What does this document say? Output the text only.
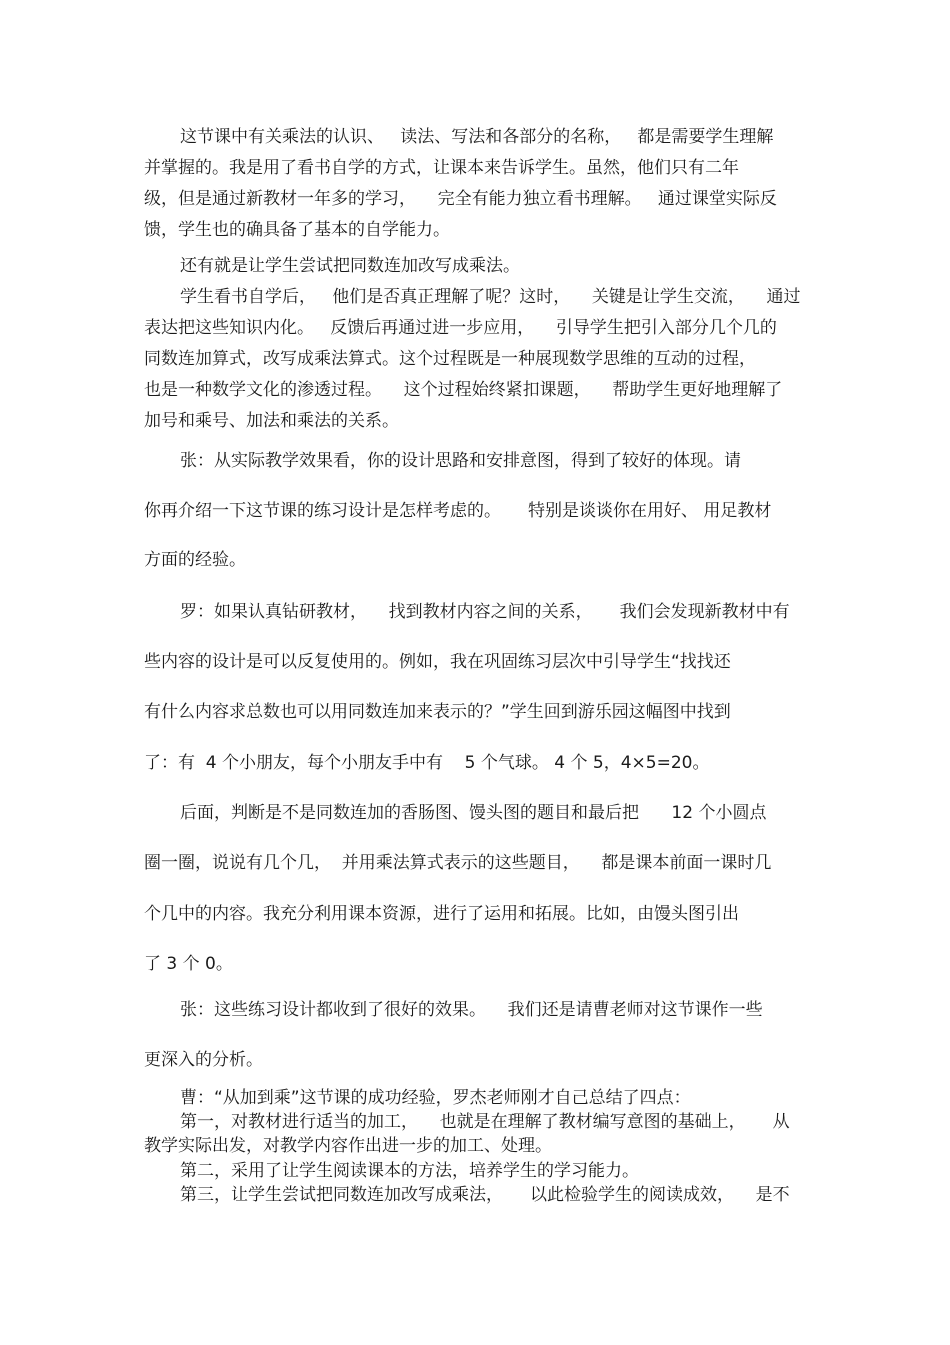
这节课中有关乘法的认识、   读法、写法和各部分的名称，   都是需要学生理解
并掌握的。我是用了看书自学的方式，让课本来告诉学生。虽然，他们只有二年
级，但是通过新教材一年多的学习，    完全有能力独立看书理解。   通过课堂实际反
馈，学生也的确具备了基本的自学能力。
还有就是让学生尝试把同数连加改写成乘法。
学生看书自学后，   他们是否真正理解了呢？这时，    关键是让学生交流，    通过
表达把这些知识内化。   反馈后再通过进一步应用，    引导学生把引入部分几个几的
同数连加算式，改写成乘法算式。这个过程既是一种展现数学思维的互动的过程，
也是一种数学文化的渗透过程。    这个过程始终紧扣课题，    帮助学生更好地理解了
加号和乘号、加法和乘法的关系。
张：从实际教学效果看，你的设计思路和安排意图，得到了较好的体现。请
你再介绍一下这节课的练习设计是怎样考虑的。     特别是谈谈你在用好、 用足教材
方面的经验。
罗：如果认真钻研教材，    找到教材内容之间的关系，     我们会发现新教材中有
些内容的设计是可以反复使用的。例如，我在巩固练习层次中引导学生“找找还
有什么内容求总数也可以用同数连加来表示的？”学生回到游乐园这幅图中找到
了：有  4 个小朋友，每个小朋友手中有    5 个气球。 4 个 5，4×5=20。
后面，判断是不是同数连加的香肠图、馒头图的题目和最后把      12 个小圆点
圈一圈，说说有几个几，  并用乘法算式表示的这些题目，    都是课本前面一课时几
个几中的内容。我充分利用课本资源，进行了运用和拓展。比如，由馒头图引出
了 3 个 0。
张：这些练习设计都收到了很好的效果。    我们还是请曹老师对这节课作一些
更深入的分析。
曹：“从加到乘”这节课的成功经验，罗杰老师刚才自己总结了四点：
第一，对教材进行适当的加工，    也就是在理解了教材编写意图的基础上，     从
教学实际出发，对教学内容作出进一步的加工、处理。
第二，采用了让学生阅读课本的方法，培养学生的学习能力。
第三，让学生尝试把同数连加改写成乘法，     以此检验学生的阅读成效，    是不
